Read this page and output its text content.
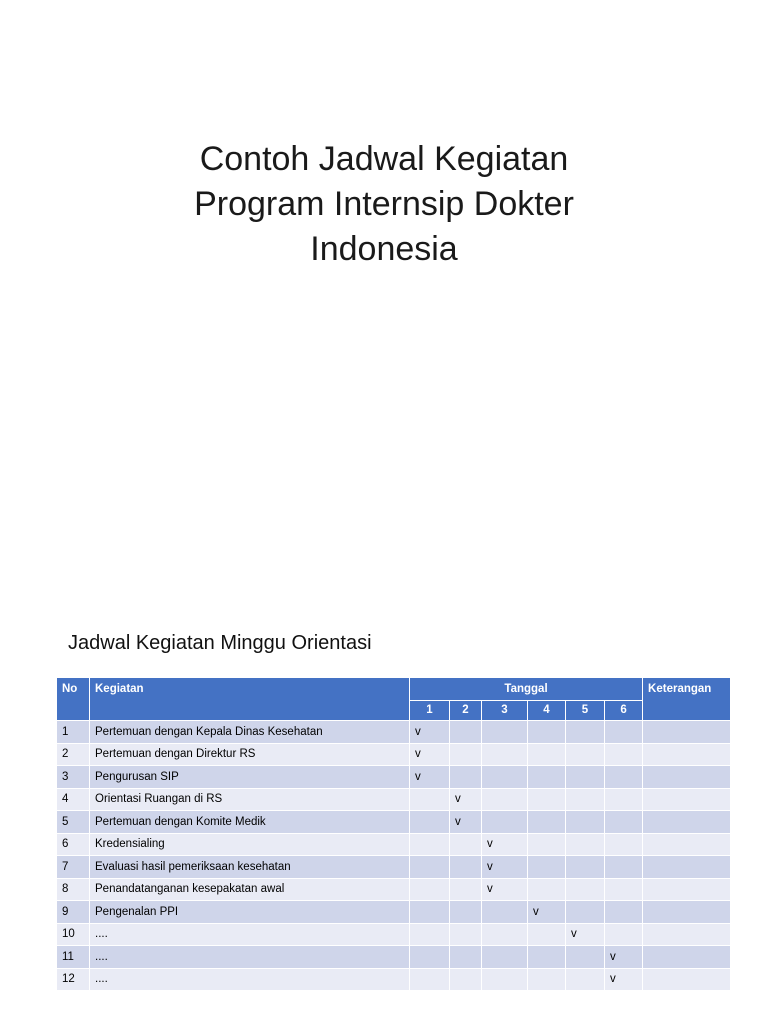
Contoh Jadwal Kegiatan
Program Internsip Dokter
Indonesia
Jadwal Kegiatan Minggu Orientasi
No	Kegiatan	Tanggal						Keterangan
		1	2	3	4	5	6	
1	Pertemuan dengan Kepala Dinas Kesehatan	v						
2	Pertemuan dengan Direktur RS	v						
3	Pengurusan SIP	v						
4	Orientasi Ruangan di RS		v					
5	Pertemuan dengan Komite Medik		v					
6	Kredensialing			v				
7	Evaluasi hasil pemeriksaan kesehatan			v				
8	Penandatanganan kesepakatan awal			v				
9	Pengenalan PPI				v			
10	....					v		
11	....						v	
12	....						v	
